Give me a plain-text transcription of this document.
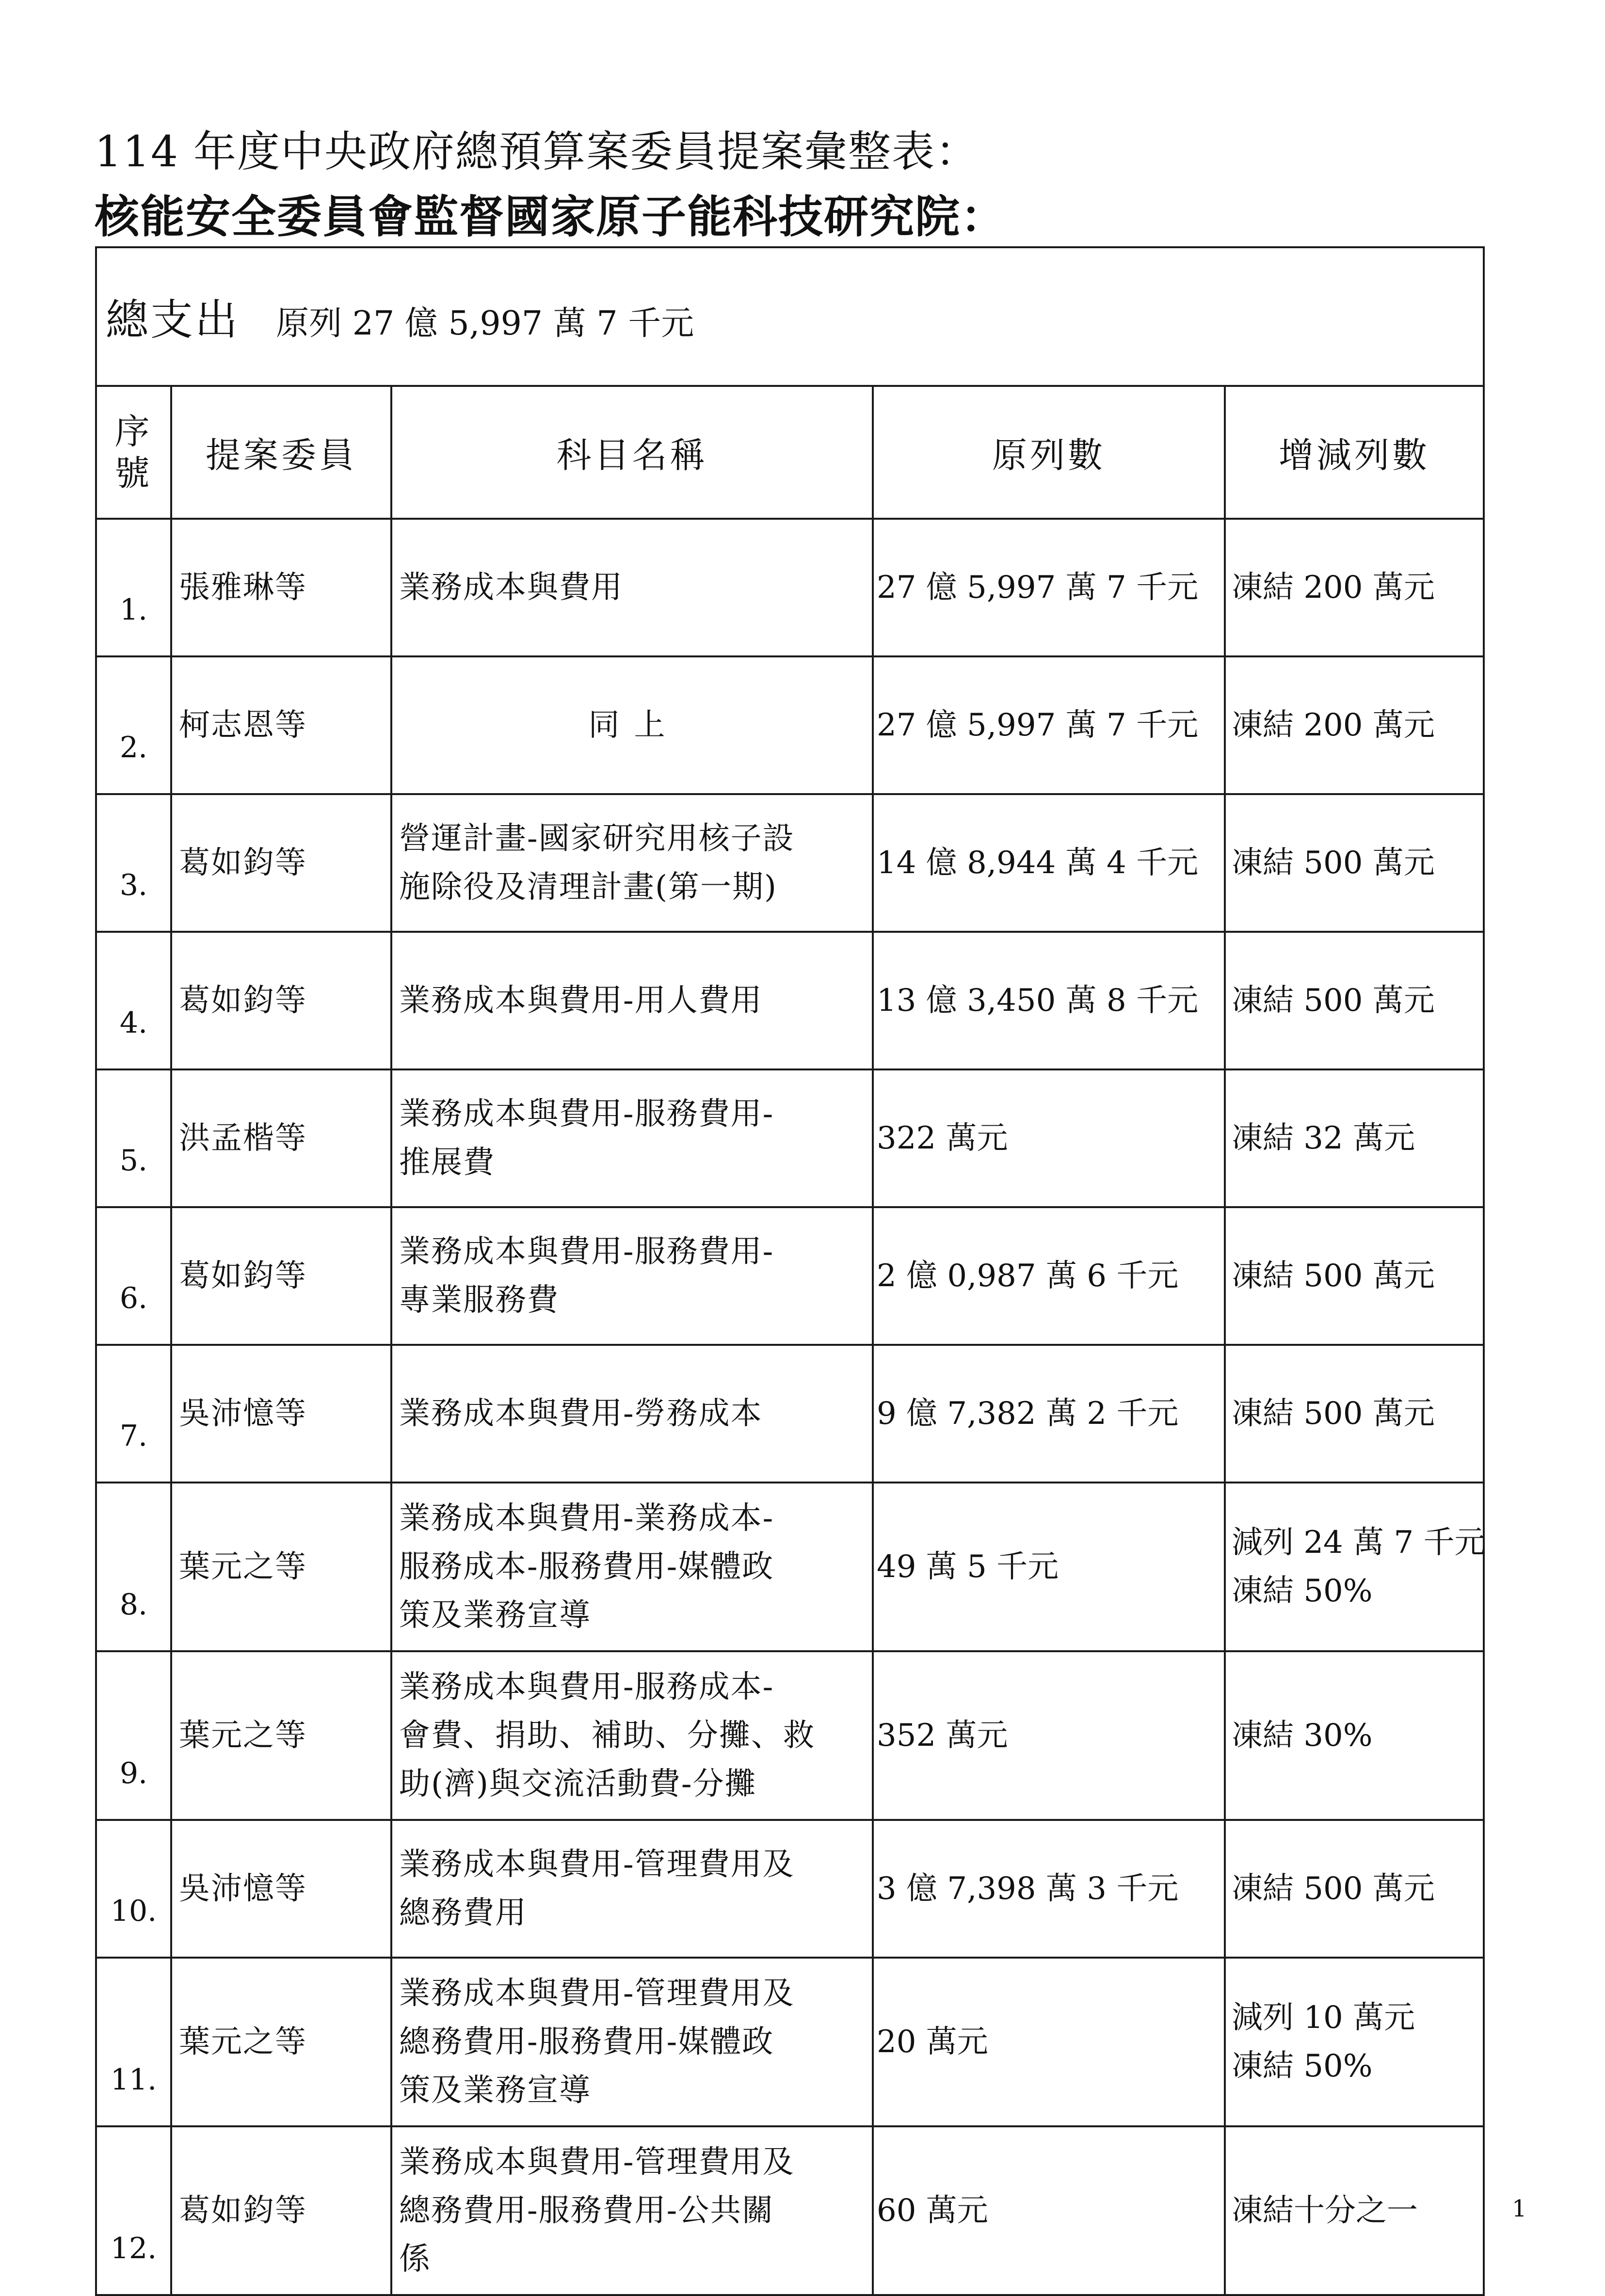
114 年度中央政府總預算案委員提案彙整表：
核能安全委員會監督國家原子能科技研究院：
總支出 原列 27 億 5,997 萬 7 千元				

序
號	提案委員	科目名稱	原列數	增減列數
1.	張雅琳等	業務成本與費用	27 億 5,997 萬 7 千元	凍結 200 萬元

2.	柯志恩等	同上	27 億 5,997 萬 7 千元	凍結 200 萬元

3.	葛如鈞等	營運計畫-國家研究用核子設
施除役及清理計畫(第一期)	14 億 8,944 萬 4 千元	凍結 500 萬元

4.	葛如鈞等	業務成本與費用-用人費用	13 億 3,450 萬 8 千元	凍結 500 萬元

5.	洪孟楷等	業務成本與費用-服務費用-
推展費	322 萬元	凍結 32 萬元

6.	葛如鈞等	業務成本與費用-服務費用-
專業服務費	2 億 0,987 萬 6 千元	凍結 500 萬元

7.	吳沛憶等	業務成本與費用-勞務成本	9 億 7,382 萬 2 千元	凍結 500 萬元

8.	葉元之等	業務成本與費用-業務成本-
服務成本-服務費用-媒體政
策及業務宣導	49 萬 5 千元	減列 24 萬 7 千元
凍結 50%

9.	葉元之等	業務成本與費用-服務成本-
會費、捐助、補助、分攤、救
助(濟)與交流活動費-分攤	352 萬元	凍結 30%

10.	吳沛憶等	業務成本與費用-管理費用及
總務費用	3 億 7,398 萬 3 千元	凍結 500 萬元

11.	葉元之等	業務成本與費用-管理費用及
總務費用-服務費用-媒體政
策及業務宣導	20 萬元	減列 10 萬元
凍結 50%

12.	葛如鈞等	業務成本與費用-管理費用及
總務費用-服務費用-公共關
係	60 萬元	凍結十分之一	1
